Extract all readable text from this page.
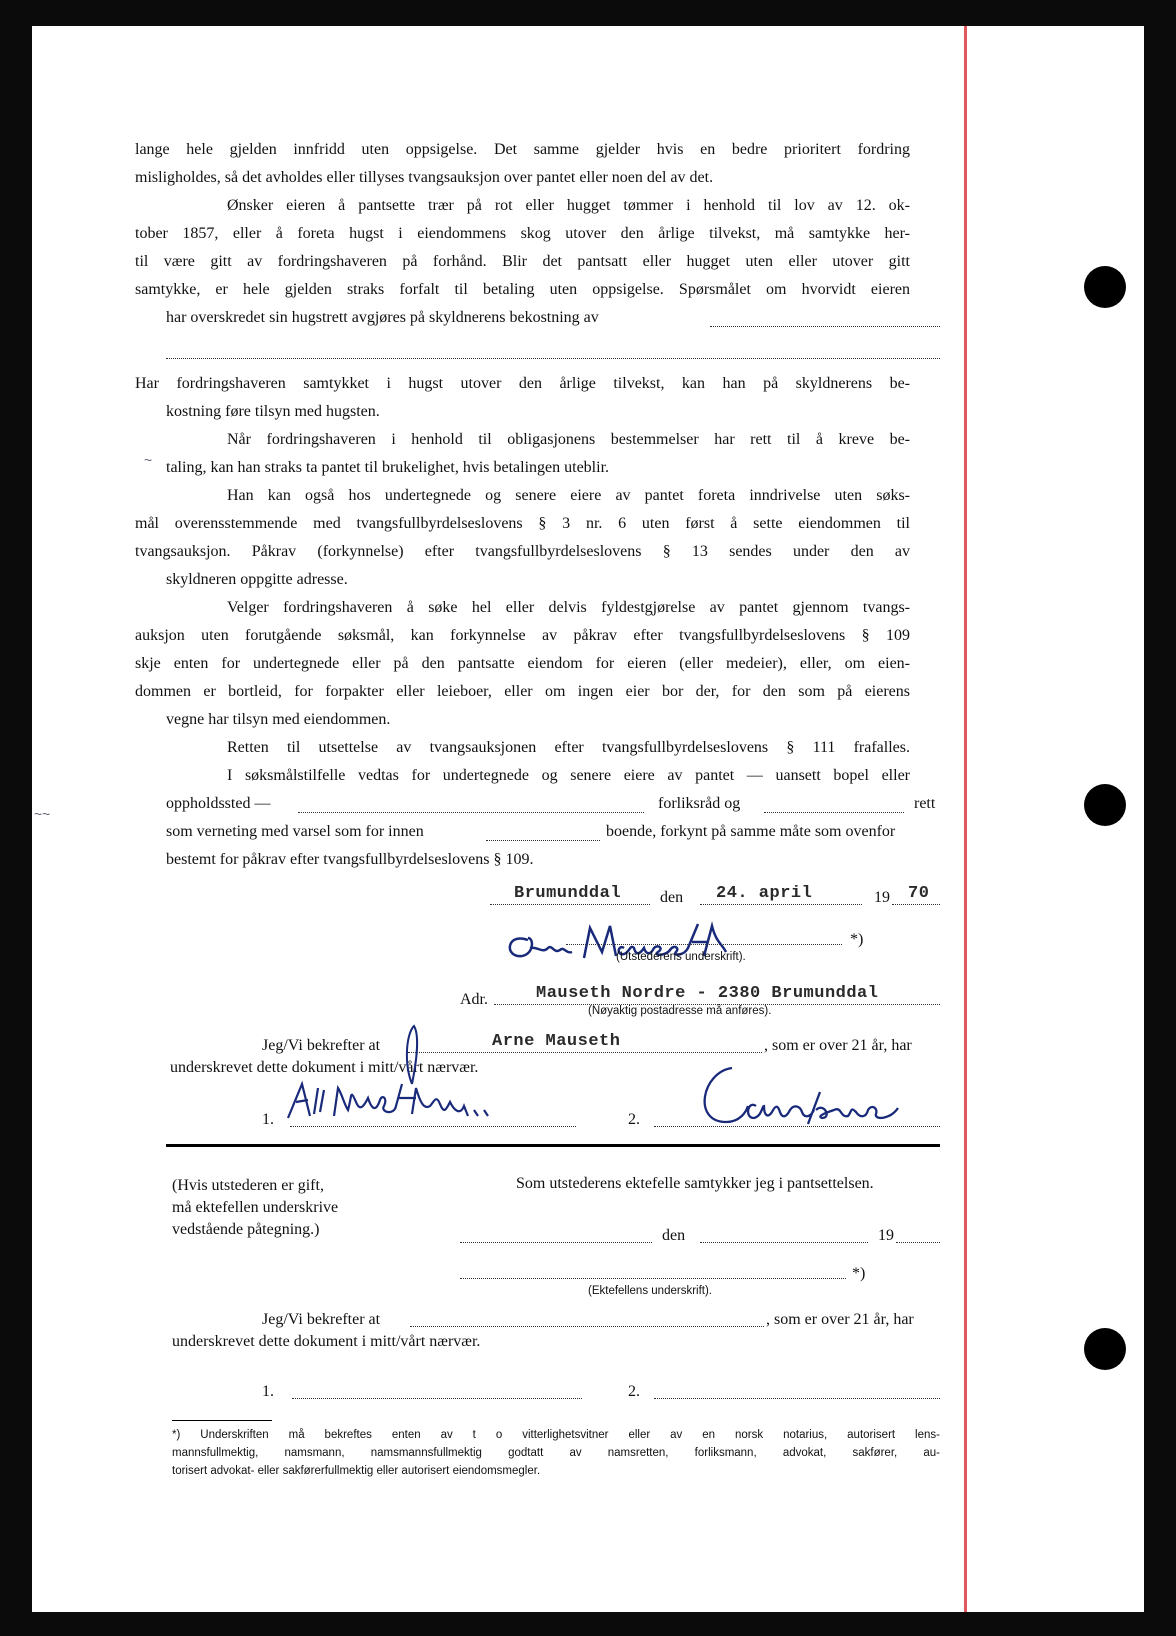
~
~~
lange hele gjelden innfridd uten oppsigelse. Det samme gjelder hvis en bedre prioritert fordring
misligholdes, så det avholdes eller tillyses tvangsauksjon over pantet eller noen del av det.
Ønsker eieren å pantsette trær på rot eller hugget tømmer i henhold til lov av 12. ok-
tober 1857, eller å foreta hugst i eiendommens skog utover den årlige tilvekst, må samtykke her-
til være gitt av fordringshaveren på forhånd. Blir det pantsatt eller hugget uten eller utover gitt
samtykke, er hele gjelden straks forfalt til betaling uten oppsigelse. Spørsmålet om hvorvidt eieren
har overskredet sin hugstrett avgjøres på skyldnerens bekostning av
Har fordringshaveren samtykket i hugst utover den årlige tilvekst, kan han på skyldnerens be-
kostning føre tilsyn med hugsten.
Når fordringshaveren i henhold til obligasjonens bestemmelser har rett til å kreve be-
taling, kan han straks ta pantet til brukelighet, hvis betalingen uteblir.
Han kan også hos undertegnede og senere eiere av pantet foreta inndrivelse uten søks-
mål overensstemmende med tvangsfullbyrdelseslovens § 3 nr. 6 uten først å sette eiendommen til
tvangsauksjon. Påkrav (forkynnelse) efter tvangsfullbyrdelseslovens § 13 sendes under den av
skyldneren oppgitte adresse.
Velger fordringshaveren å søke hel eller delvis fyldestgjørelse av pantet gjennom tvangs-
auksjon uten forutgående søksmål, kan forkynnelse av påkrav efter tvangsfullbyrdelseslovens § 109
skje enten for undertegnede eller på den pantsatte eiendom for eieren (eller medeier), eller, om eien-
dommen er bortleid, for forpakter eller leieboer, eller om ingen eier bor der, for den som på eierens
vegne har tilsyn med eiendommen.
Retten til utsettelse av tvangsauksjonen efter tvangsfullbyrdelseslovens § 111 frafalles.
I søksmålstilfelle vedtas for undertegnede og senere eiere av pantet — uansett bopel eller
oppholdssted —	forliksråd og	rett
som verneting med varsel som for innen	boende, forkynt på samme måte som ovenfor
bestemt for påkrav efter tvangsfullbyrdelseslovens § 109.
Brumunddal den 24. april	19 70
*)
(Utstederens underskrift).
Adr.	Mauseth Nordre - 2380 Brumunddal
(Nøyaktig postadresse må anføres).
Jeg/Vi bekrefter at	Arne Mauseth	, som er over 21 år, har
underskrevet dette dokument i mitt/vårt nærvær.
1.	2.
(Hvis utstederen er gift,
må ektefellen underskrive
vedstående påtegning.)
Som utstederens ektefelle samtykker jeg i pantsettelsen.
den	19
*)
(Ektefellens underskrift).
Jeg/Vi bekrefter at	, som er over 21 år, har
underskrevet dette dokument i mitt/vårt nærvær.
1.	2.
*) Underskriften må bekreftes enten av t o vitterlighetsvitner eller av en norsk notarius, autorisert lens-
mannsfullmektig, namsmann, namsmannsfullmektig godtatt av namsretten, forliksmann, advokat, sakfører, au-
torisert advokat- eller sakførerfullmektig eller autorisert eiendomsmegler.
